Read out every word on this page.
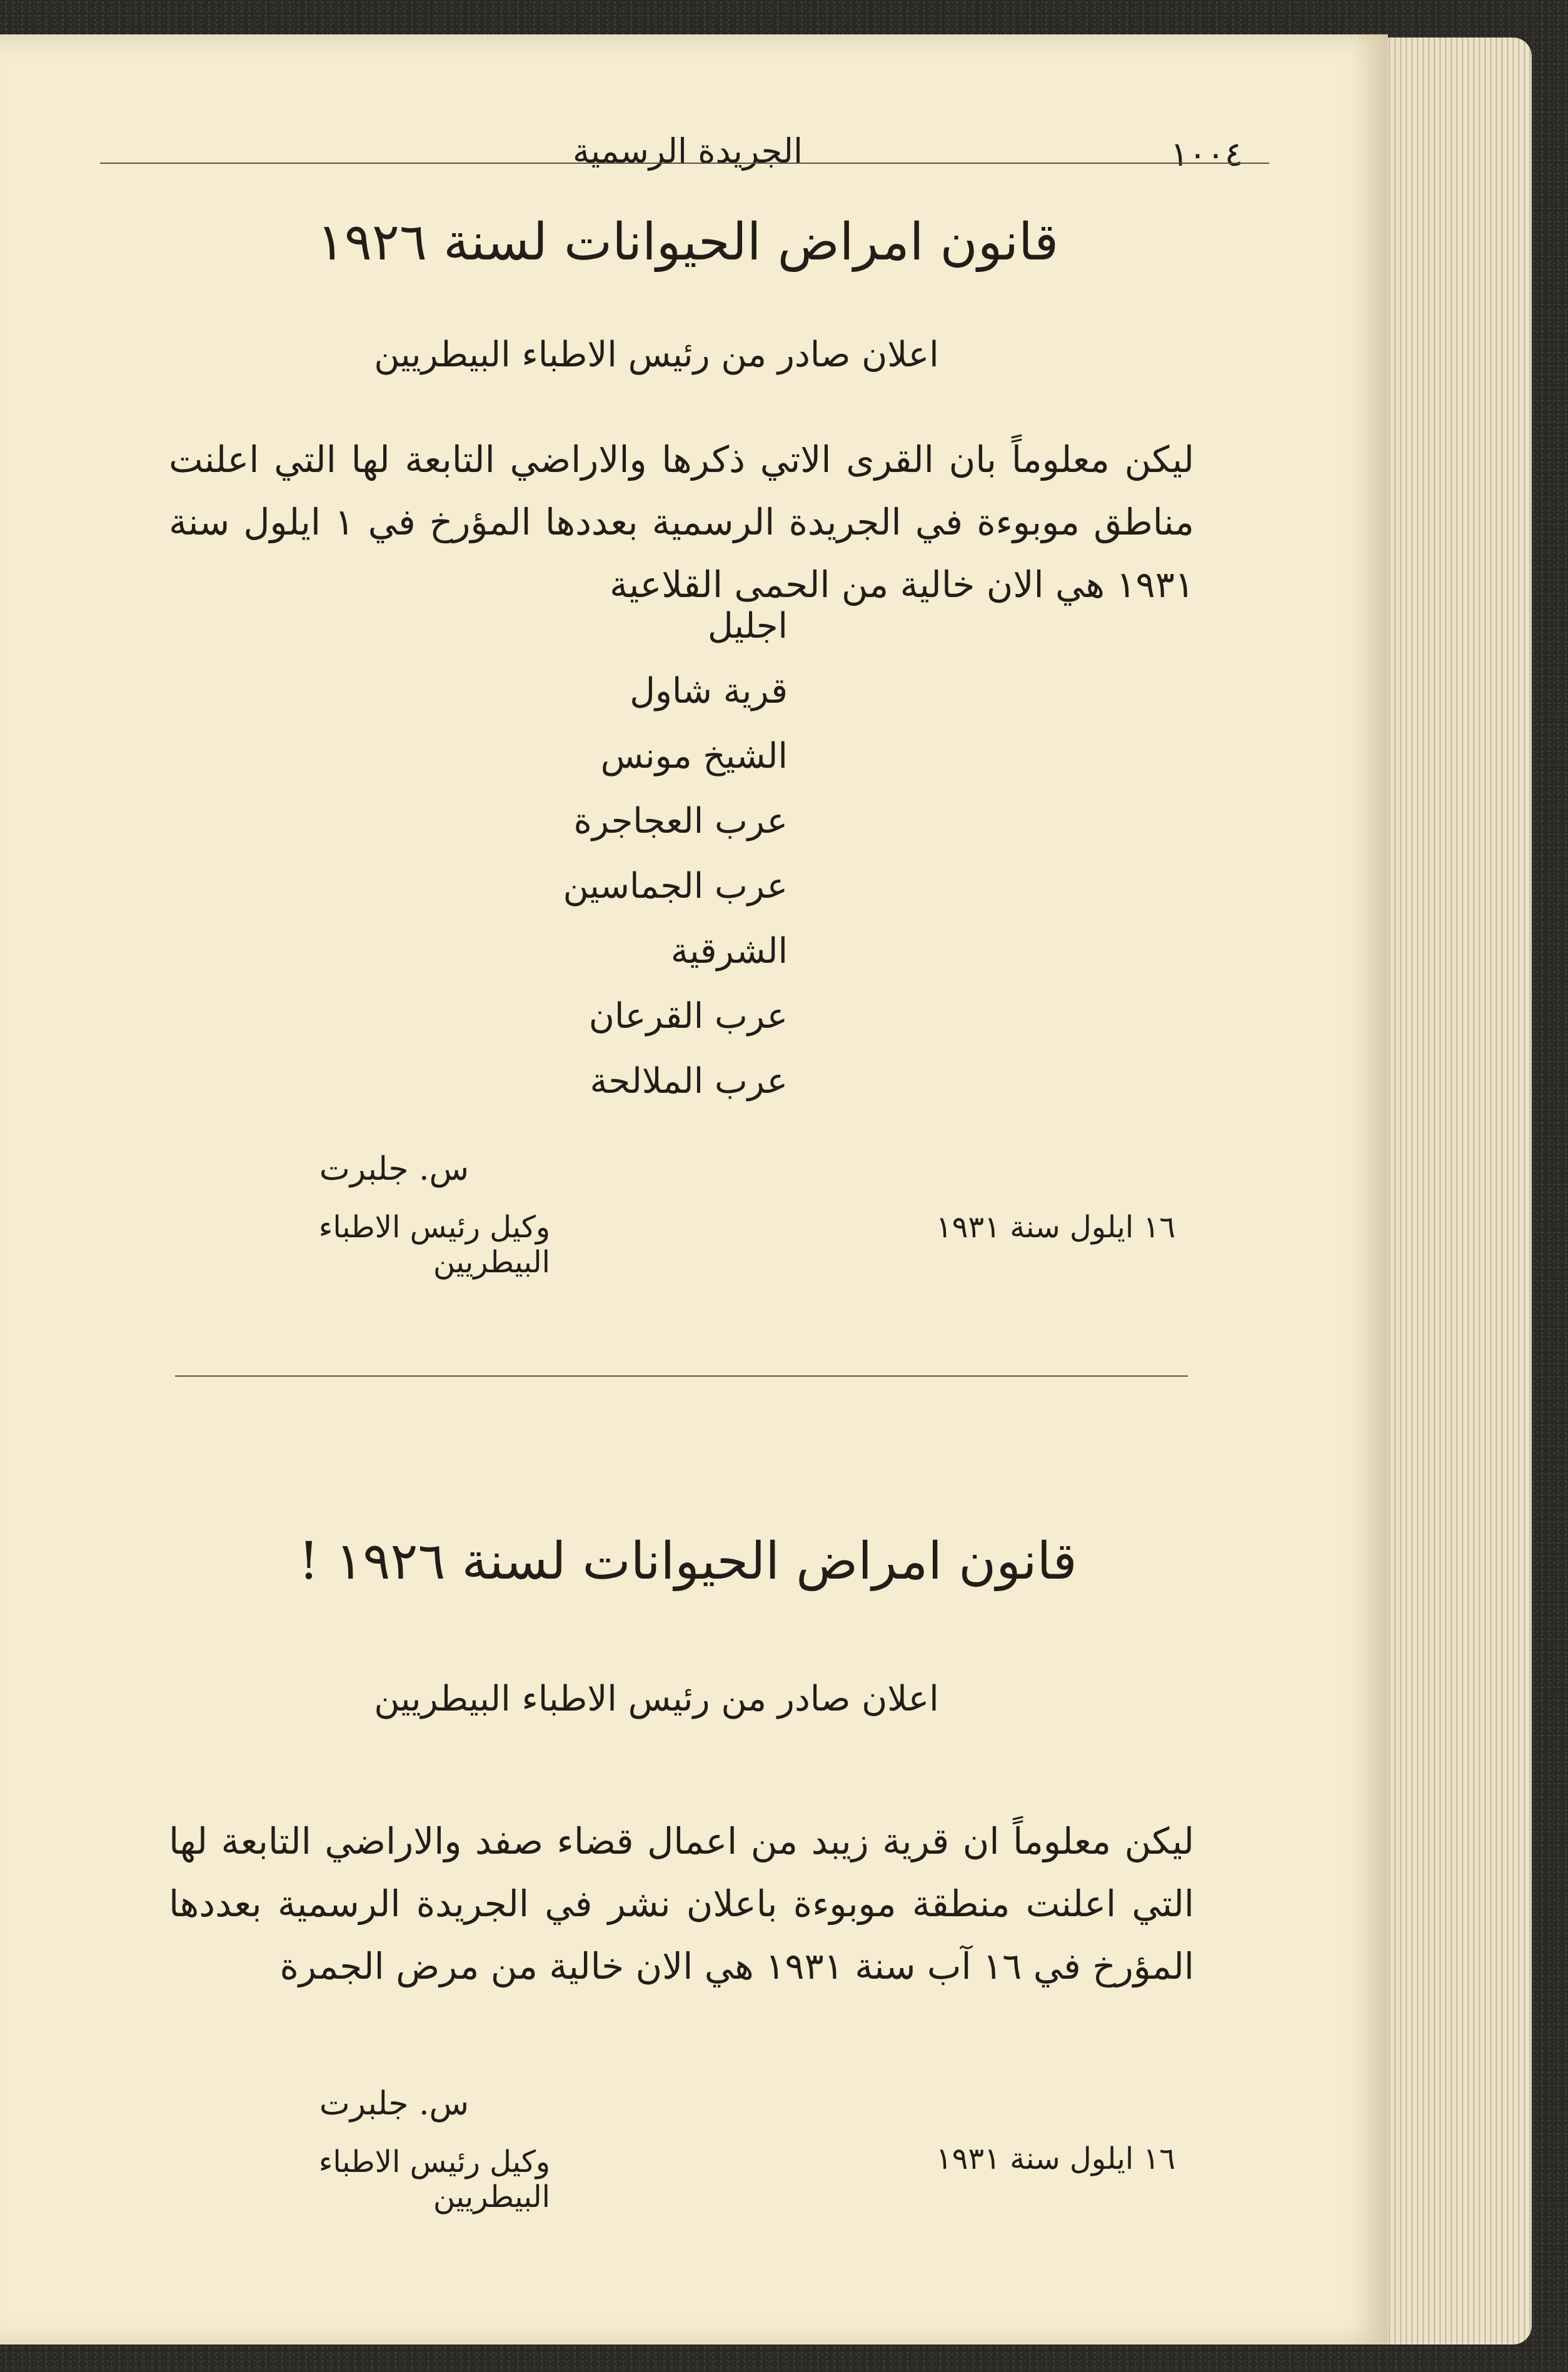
١٠٠٤
الجريدة الرسمية
قانون امراض الحيوانات لسنة ١٩٢٦
اعلان صادر من رئيس الاطباء البيطريين
ليكن معلوماً بان القرى الاتي ذكرها والاراضي التابعة لها التي اعلنت مناطق موبوءة في الجريدة الرسمية بعددها المؤرخ في ١ ايلول سنة ١٩٣١ هي الان خالية من الحمى القلاعية
اجليل
قرية شاول
الشيخ مونس
عرب العجاجرة
عرب الجماسين الشرقية
عرب القرعان
عرب الملالحة
س. جلبرت
وكيل رئيس الاطباء البيطريين
١٦ ايلول سنة ١٩٣١
قانون امراض الحيوانات لسنة ١٩٢٦ !
اعلان صادر من رئيس الاطباء البيطريين
ليكن معلوماً ان قرية زيبد من اعمال قضاء صفد والاراضي التابعة لها التي اعلنت منطقة موبوءة باعلان نشر في الجريدة الرسمية بعددها المؤرخ في ١٦ آب سنة ١٩٣١ هي الان خالية من مرض الجمرة
س. جلبرت
وكيل رئيس الاطباء البيطريين
١٦ ايلول سنة ١٩٣١
